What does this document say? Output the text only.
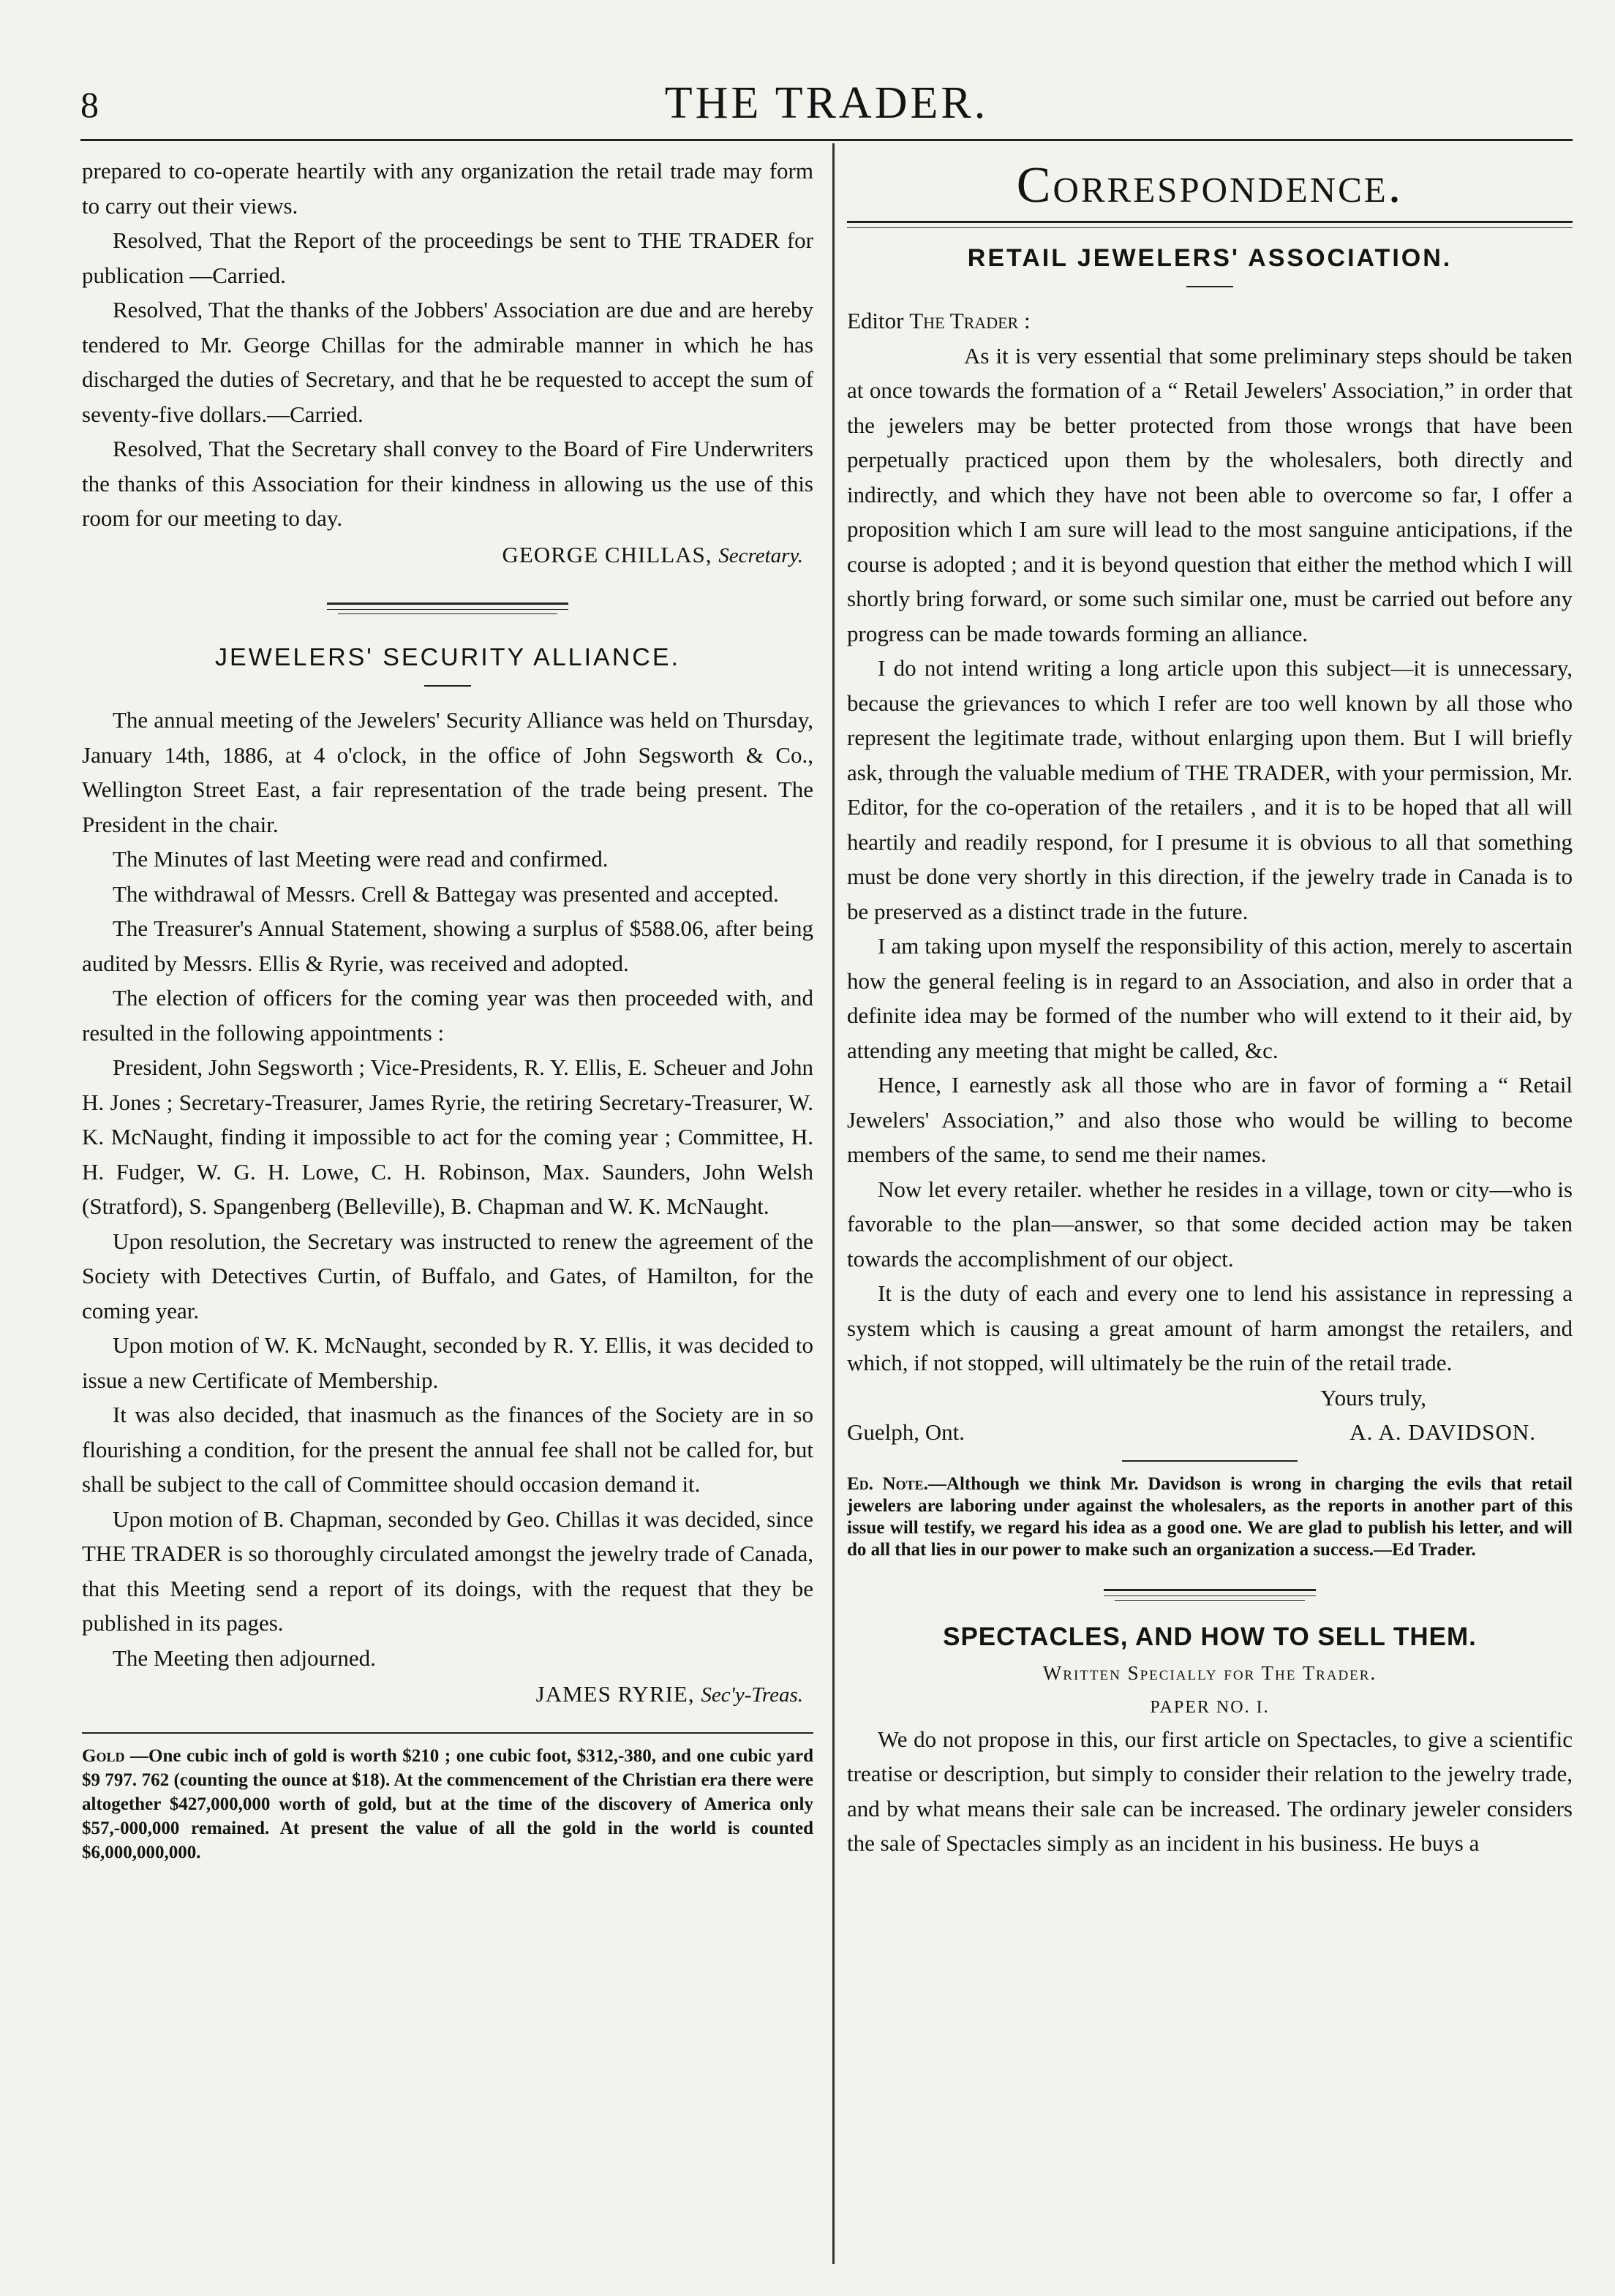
8	THE TRADER.

prepared to co-operate heartily with any organization the retail trade may form to carry out their views.

Resolved, That the Report of the proceedings be sent to THE TRADER for publication —Carried.

Resolved, That the thanks of the Jobbers' Association are due and are hereby tendered to Mr. George Chillas for the admirable manner in which he has discharged the duties of Secretary, and that he be requested to accept the sum of seventy-five dollars.—Carried.

Resolved, That the Secretary shall convey to the Board of Fire Underwriters the thanks of this Association for their kindness in allowing us the use of this room for our meeting to day.

GEORGE CHILLAS, Secretary.
JEWELERS' SECURITY ALLIANCE.

The annual meeting of the Jewelers' Security Alliance was held on Thursday, January 14th, 1886, at 4 o'clock, in the office of John Segsworth & Co., Wellington Street East, a fair representation of the trade being present. The President in the chair.

The Minutes of last Meeting were read and confirmed.

The withdrawal of Messrs. Crell & Battegay was presented and accepted.

The Treasurer's Annual Statement, showing a surplus of $588.06, after being audited by Messrs. Ellis & Ryrie, was received and adopted.

The election of officers for the coming year was then proceeded with, and resulted in the following appointments :

President, John Segsworth ; Vice-Presidents, R. Y. Ellis, E. Scheuer and John H. Jones ; Secretary-Treasurer, James Ryrie, the retiring Secretary-Treasurer, W. K. McNaught, finding it impossible to act for the coming year ; Committee, H. H. Fudger, W. G. H. Lowe, C. H. Robinson, Max. Saunders, John Welsh (Stratford), S. Spangenberg (Belleville), B. Chapman and W. K. McNaught.

Upon resolution, the Secretary was instructed to renew the agreement of the Society with Detectives Curtin, of Buffalo, and Gates, of Hamilton, for the coming year.

Upon motion of W. K. McNaught, seconded by R. Y. Ellis, it was decided to issue a new Certificate of Membership.

It was also decided, that inasmuch as the finances of the Society are in so flourishing a condition, for the present the annual fee shall not be called for, but shall be subject to the call of Committee should occasion demand it.

Upon motion of B. Chapman, seconded by Geo. Chillas it was decided, since THE TRADER is so thoroughly circulated amongst the jewelry trade of Canada, that this Meeting send a report of its doings, with the request that they be published in its pages.

The Meeting then adjourned.

JAMES RYRIE, Sec'y-Treas.
Gold —One cubic inch of gold is worth $210 ; one cubic foot, $312,-380, and one cubic yard $9 797. 762 (counting the ounce at $18). At the commencement of the Christian era there were altogether $427,000,000 worth of gold, but at the time of the discovery of America only $57,-000,000 remained. At present the value of all the gold in the world is counted $6,000,000,000.
Correspondence.
RETAIL JEWELERS' ASSOCIATION.
Editor The Trader :

As it is very essential that some preliminary steps should be taken at once towards the formation of a “ Retail Jewelers' Association,” in order that the jewelers may be better protected from those wrongs that have been perpetually practiced upon them by the wholesalers, both directly and indirectly, and which they have not been able to overcome so far, I offer a proposition which I am sure will lead to the most sanguine anticipations, if the course is adopted ; and it is beyond question that either the method which I will shortly bring forward, or some such similar one, must be carried out before any progress can be made towards forming an alliance.

I do not intend writing a long article upon this subject—it is unnecessary, because the grievances to which I refer are too well known by all those who represent the legitimate trade, without enlarging upon them. But I will briefly ask, through the valuable medium of THE TRADER, with your permission, Mr. Editor, for the co-operation of the retailers , and it is to be hoped that all will heartily and readily respond, for I presume it is obvious to all that something must be done very shortly in this direction, if the jewelry trade in Canada is to be preserved as a distinct trade in the future.

I am taking upon myself the responsibility of this action, merely to ascertain how the general feeling is in regard to an Association, and also in order that a definite idea may be formed of the number who will extend to it their aid, by attending any meeting that might be called, &c.

Hence, I earnestly ask all those who are in favor of forming a “ Retail Jewelers' Association,” and also those who would be willing to become members of the same, to send me their names.

Now let every retailer. whether he resides in a village, town or city—who is favorable to the plan—answer, so that some decided action may be taken towards the accomplishment of our object.

It is the duty of each and every one to lend his assistance in repressing a system which is causing a great amount of harm amongst the retailers, and which, if not stopped, will ultimately be the ruin of the retail trade.

Yours truly,
Guelph, Ont.	A. A. DAVIDSON.
Ed. Note.—Although we think Mr. Davidson is wrong in charging the evils that retail jewelers are laboring under against the wholesalers, as the reports in another part of this issue will testify, we regard his idea as a good one. We are glad to publish his letter, and will do all that lies in our power to make such an organization a success.—Ed Trader.
SPECTACLES, AND HOW TO SELL THEM.
Written Specially for The Trader.
PAPER NO. I.

We do not propose in this, our first article on Spectacles, to give a scientific treatise or description, but simply to consider their relation to the jewelry trade, and by what means their sale can be increased. The ordinary jeweler considers the sale of Spectacles simply as an incident in his business. He buys a
